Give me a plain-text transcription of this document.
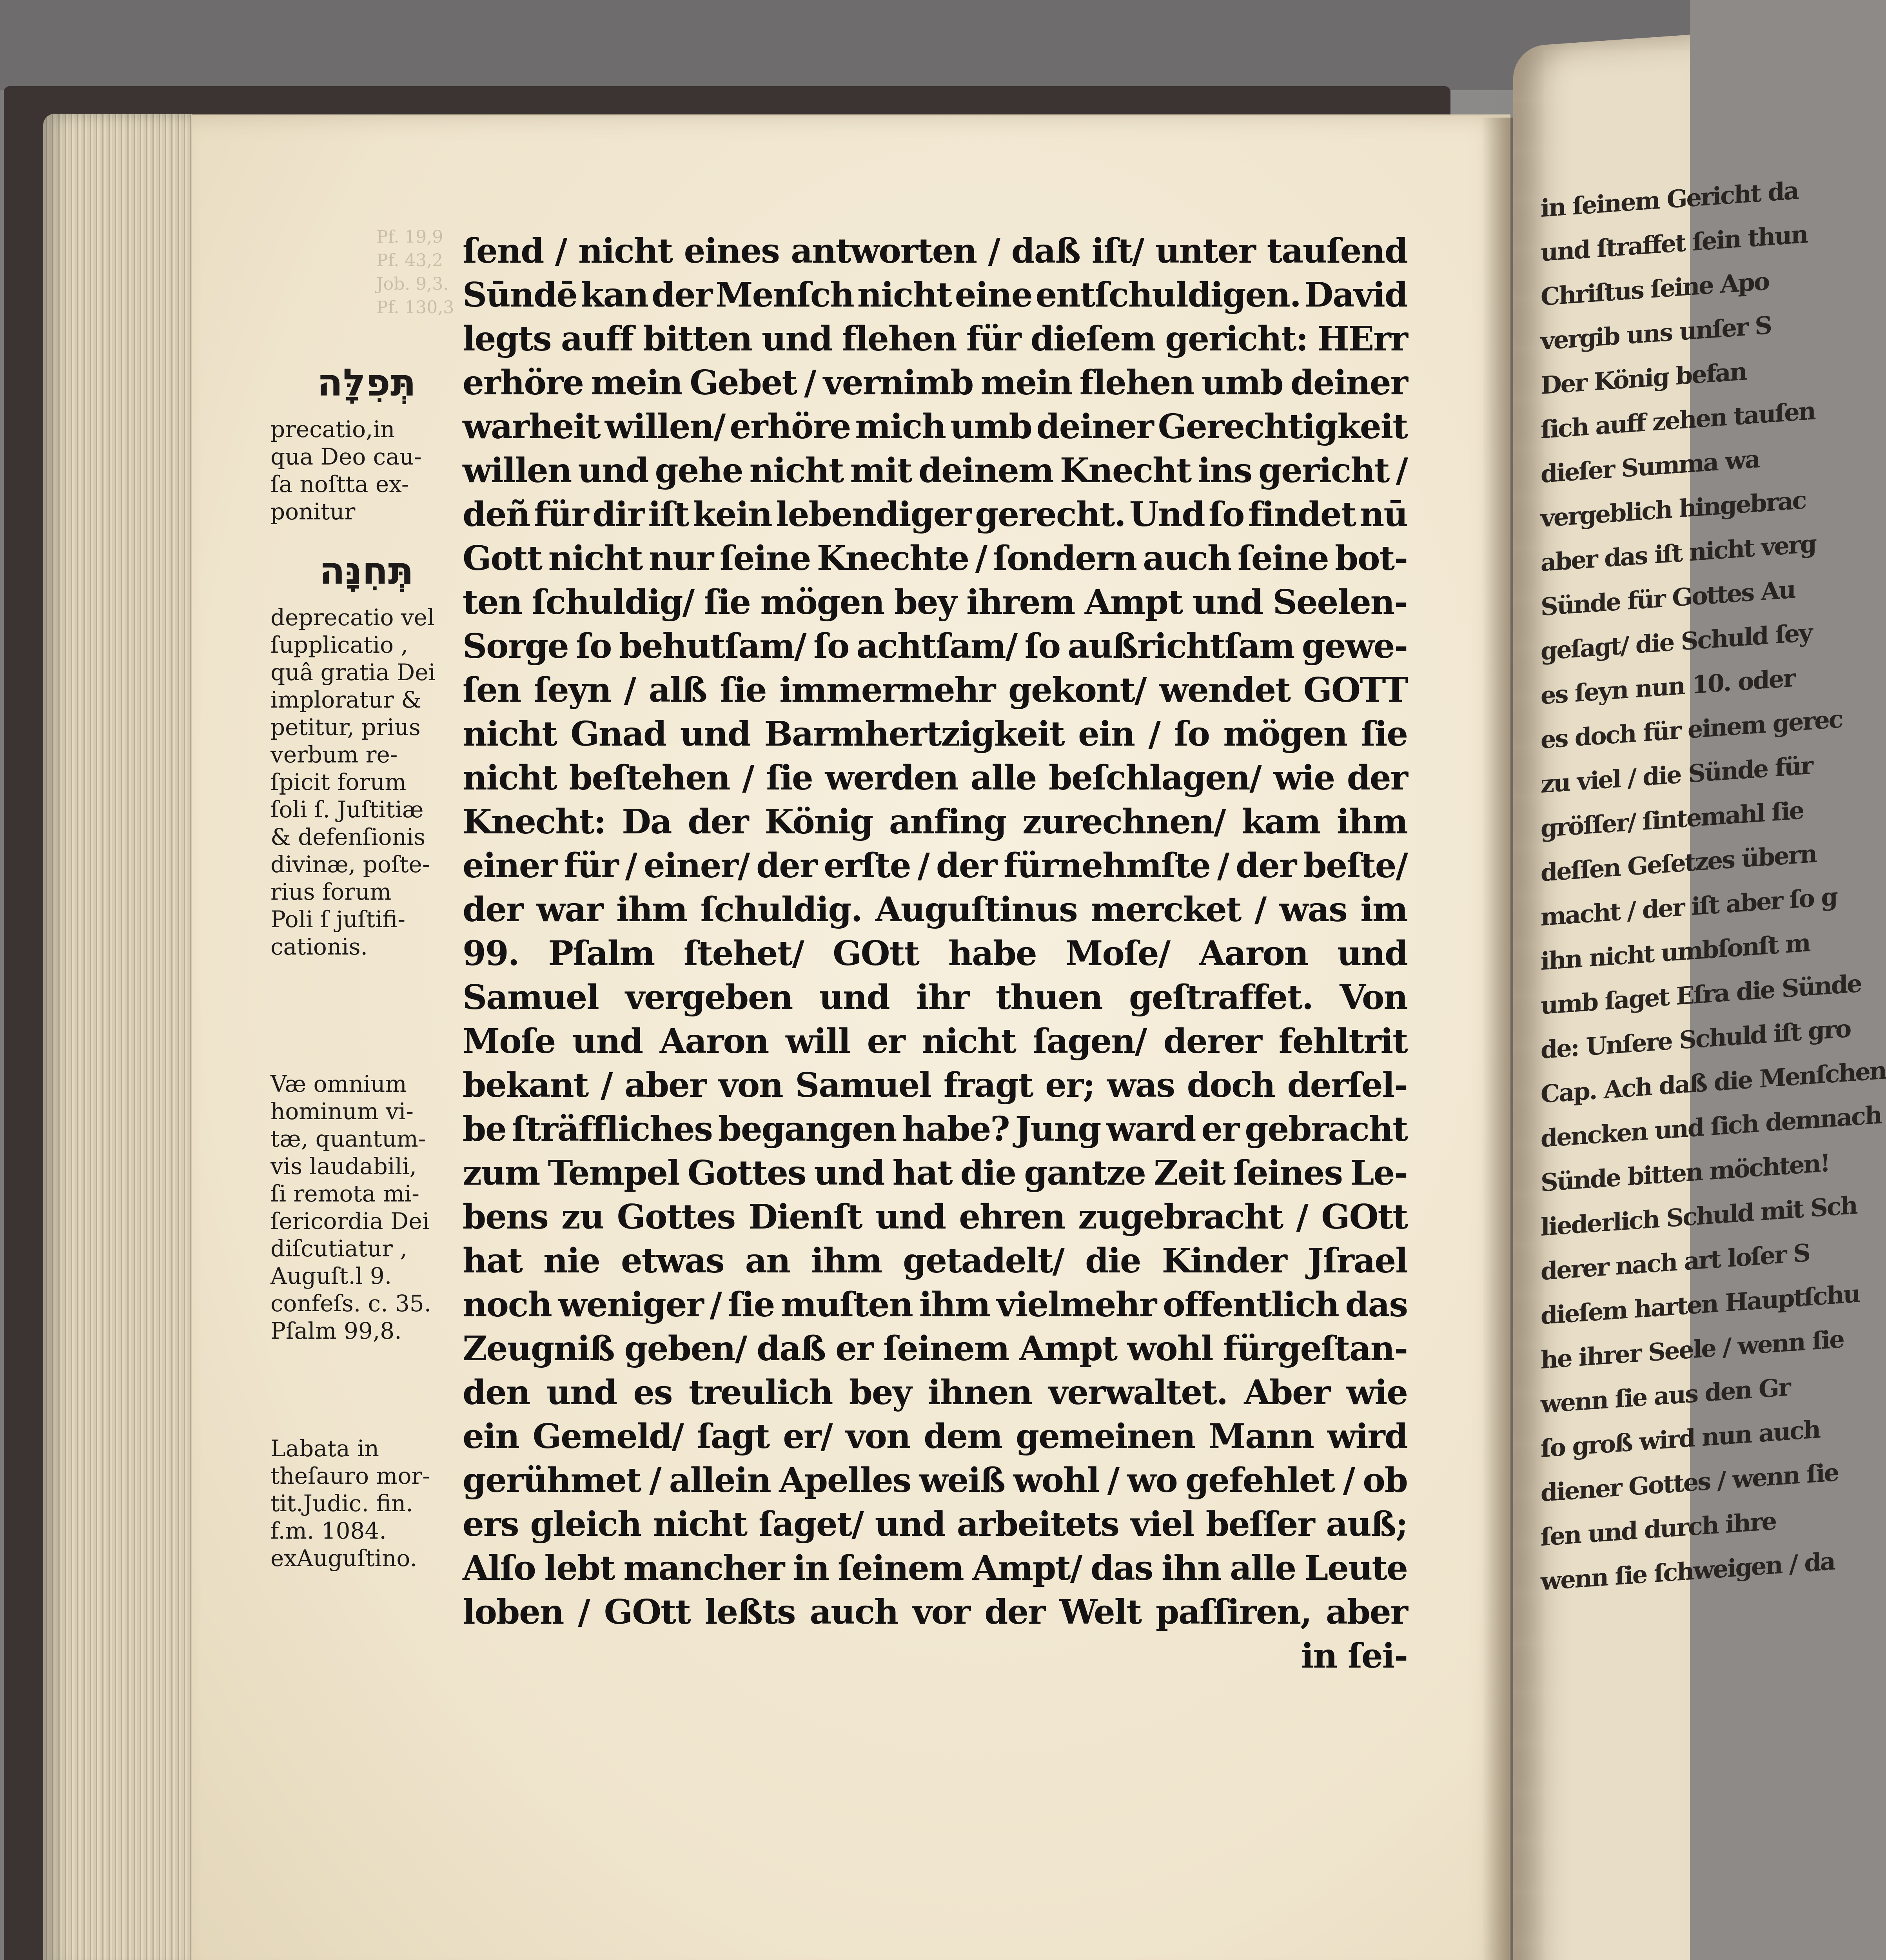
in ſeinem Gericht da
und ſtraffet ſein thun
Chriſtus ſeine Apo
vergib uns unſer S
Der König befan
ſich auff zehen tauſen
dieſer Summa wa
vergeblich hingebrac
aber das iſt nicht verg
Sünde für Gottes Au
geſagt/ die Schuld ſey
es ſeyn nun 10. oder
es doch für einem gerec
zu viel / die Sünde für
gröſſer/ ſintemahl ſie
deſſen Geſetzes übern
macht / der iſt aber ſo g
ihn nicht umbſonſt m
umb ſaget Eſra die Sünde
de: Unſere Schuld iſt gro
Cap. Ach daß die Menſchen
dencken und ſich demnach
Sünde bitten möchten!
liederlich Schuld mit Sch
derer nach art loſer S
dieſem harten Hauptſchu
he ihrer Seele / wenn ſie
wenn ſie aus den Gr
ſo groß wird nun auch
diener Gottes / wenn ſie
ſen und durch ihre
wenn ſie ſchweigen / da
Pf. 19,9
Pf. 43,2
Job. 9,3.
Pf. 130,3
תְּפִלָּה
precatio,in
qua Deo cau-
ſa noſtta ex-
ponitur
תְּחִנָּה
deprecatio vel
ſupplicatio ,
quâ gratia Dei
imploratur &
petitur, prius
verbum re-
ſpicit forum
ſoli ſ. Juſtitiæ
& defenſionis
divinæ, poſte-
rius forum
Poli ſ juſtifi-
cationis.
Væ omnium
hominum vi-
tæ, quantum-
vis laudabili,
ſi remota mi-
ſericordia Dei
diſcutiatur ,
Auguſt.l 9.
confeſs. c. 35.
Pſalm 99,8.
Labata in
theſauro mor-
tit.Judic. fin.
f.m. 1084.
exAuguſtino.
ſend / nicht eines antworten / daß iſt/ unter tauſend
Sūndē kan der Menſch nicht eine entſchuldigen. David
legts auff bitten und flehen für dieſem gericht: HErr
erhöre mein Gebet / vernimb mein flehen umb deiner
warheit willen/ erhöre mich umb deiner Gerechtigkeit
willen und gehe nicht mit deinem Knecht ins gericht /
deñ für dir iſt kein lebendiger gerecht. Und ſo findet nū
Gott nicht nur ſeine Knechte / ſondern auch ſeine bot-
ten ſchuldig/ ſie mögen bey ihrem Ampt und Seelen-
Sorge ſo behutſam/ ſo achtſam/ ſo außrichtſam gewe-
ſen ſeyn / alß ſie immermehr gekont/ wendet GOTT
nicht Gnad und Barmhertzigkeit ein / ſo mögen ſie
nicht beſtehen / ſie werden alle beſchlagen/ wie der
Knecht: Da der König anfing zurechnen/ kam ihm
einer für / einer/ der erſte / der fürnehmſte / der beſte/
der war ihm ſchuldig. Auguſtinus mercket / was im
99. Pſalm ſtehet/ GOtt habe Moſe/ Aaron und
Samuel vergeben und ihr thuen geſtraffet. Von
Moſe und Aaron will er nicht ſagen/ derer fehltrit
bekant / aber von Samuel fragt er; was doch derſel-
be ſträffliches begangen habe? Jung ward er gebracht
zum Tempel Gottes und hat die gantze Zeit ſeines Le-
bens zu Gottes Dienſt und ehren zugebracht / GOtt
hat nie etwas an ihm getadelt/ die Kinder Jſrael
noch weniger / ſie muſten ihm vielmehr offentlich das
Zeugniß geben/ daß er ſeinem Ampt wohl fürgeſtan-
den und es treulich bey ihnen verwaltet. Aber wie
ein Gemeld/ ſagt er/ von dem gemeinen Mann wird
gerühmet / allein Apelles weiß wohl / wo gefehlet / ob
ers gleich nicht ſaget/ und arbeitets viel beſſer auß;
Alſo lebt mancher in ſeinem Ampt/ das ihn alle Leute
loben / GOtt leßts auch vor der Welt paſſiren, aber
in ſei-
